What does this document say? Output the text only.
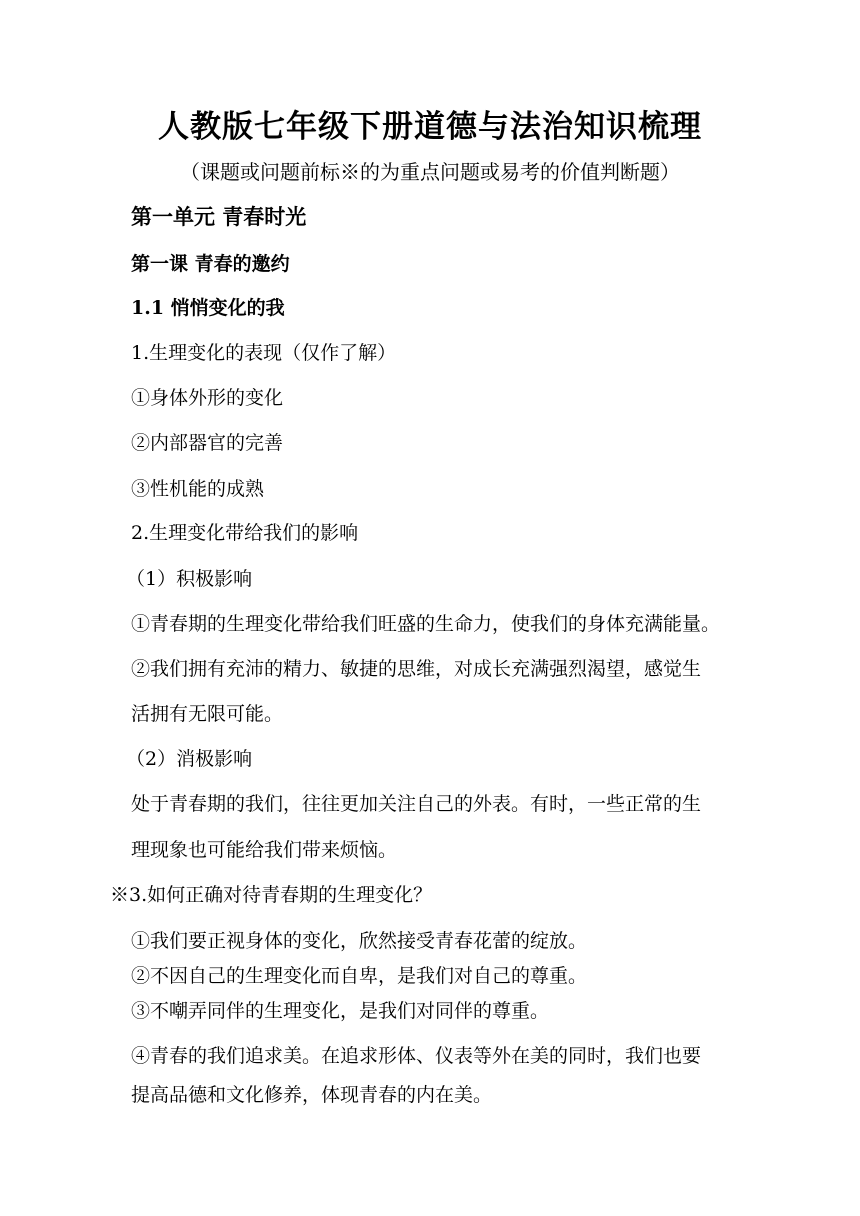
人教版七年级下册道德与法治知识梳理
（课题或问题前标※的为重点问题或易考的价值判断题）
第一单元 青春时光
第一课 青春的邀约
1.1 悄悄变化的我
1.生理变化的表现（仅作了解）
①身体外形的变化
②内部器官的完善
③性机能的成熟
2.生理变化带给我们的影响
（1）积极影响
①青春期的生理变化带给我们旺盛的生命力，使我们的身体充满能量。
②我们拥有充沛的精力、敏捷的思维，对成长充满强烈渴望，感觉生
活拥有无限可能。
（2）消极影响
处于青春期的我们，往往更加关注自己的外表。有时，一些正常的生
理现象也可能给我们带来烦恼。
※3.如何正确对待青春期的生理变化？
①我们要正视身体的变化，欣然接受青春花蕾的绽放。
②不因自己的生理变化而自卑，是我们对自己的尊重。
③不嘲弄同伴的生理变化，是我们对同伴的尊重。
④青春的我们追求美。在追求形体、仪表等外在美的同时，我们也要
提高品德和文化修养，体现青春的内在美。
